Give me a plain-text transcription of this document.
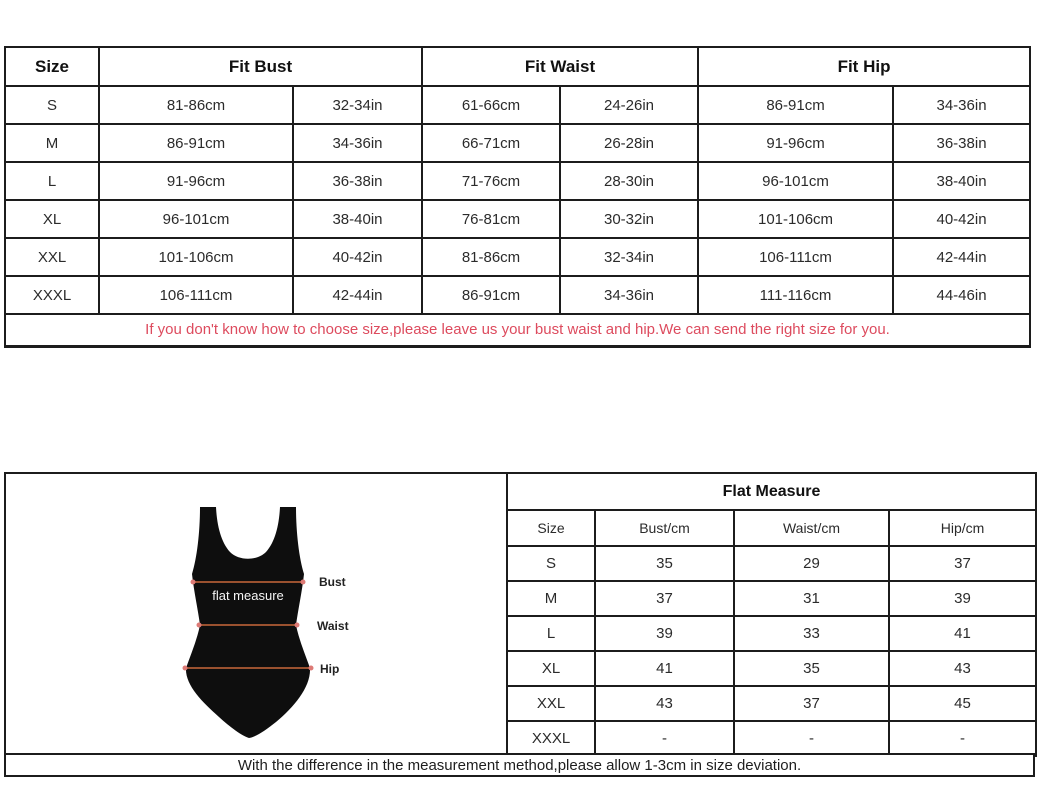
Size	Fit Bust		Fit Waist		Fit Hip	
S	81-86cm	32-34in	61-66cm	24-26in	86-91cm	34-36in
M	86-91cm	34-36in	66-71cm	26-28in	91-96cm	36-38in
L	91-96cm	36-38in	71-76cm	28-30in	96-101cm	38-40in
XL	96-101cm	38-40in	76-81cm	30-32in	101-106cm	40-42in
XXL	101-106cm	40-42in	81-86cm	32-34in	106-111cm	42-44in
XXXL	106-111cm	42-44in	86-91cm	34-36in	111-116cm	44-46in
If you don't know how to choose size,please leave us your bust waist and hip.We can send the right size for you.						
flat measure
Bust
Waist
Hip
Flat Measure			
Size	Bust/cm	Waist/cm	Hip/cm
S	35	29	37
M	37	31	39
L	39	33	41
XL	41	35	43
XXL	43	37	45
XXXL	-	-	-
With the difference in the measurement method,please allow 1-3cm in size deviation.
